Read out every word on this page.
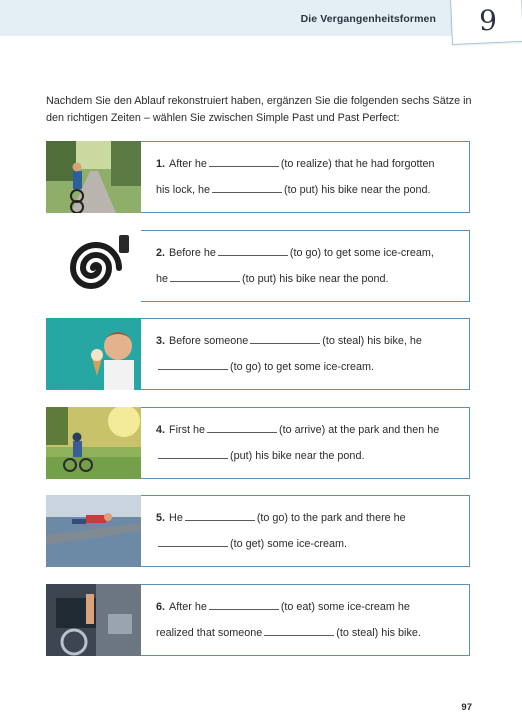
Die Vergangenheitsformen	9
Nachdem Sie den Ablauf rekonstruiert haben, ergänzen Sie die folgenden sechs Sätze in den richtigen Zeiten – wählen Sie zwischen Simple Past und Past Perfect:
1. After he	(to realize) that he had forgotten
his lock, he	(to put) his bike near the pond.
2. Before he	(to go) to get some ice-cream,
he	(to put) his bike near the pond.
3. Before someone	(to steal) his bike, he
(to go) to get some ice-cream.
4. First he	(to arrive) at the park and then he
(put) his bike near the pond.
5. He	(to go) to the park and there he
(to get) some ice-cream.
6. After he	(to eat) some ice-cream he
realized that someone	(to steal) his bike.
97
